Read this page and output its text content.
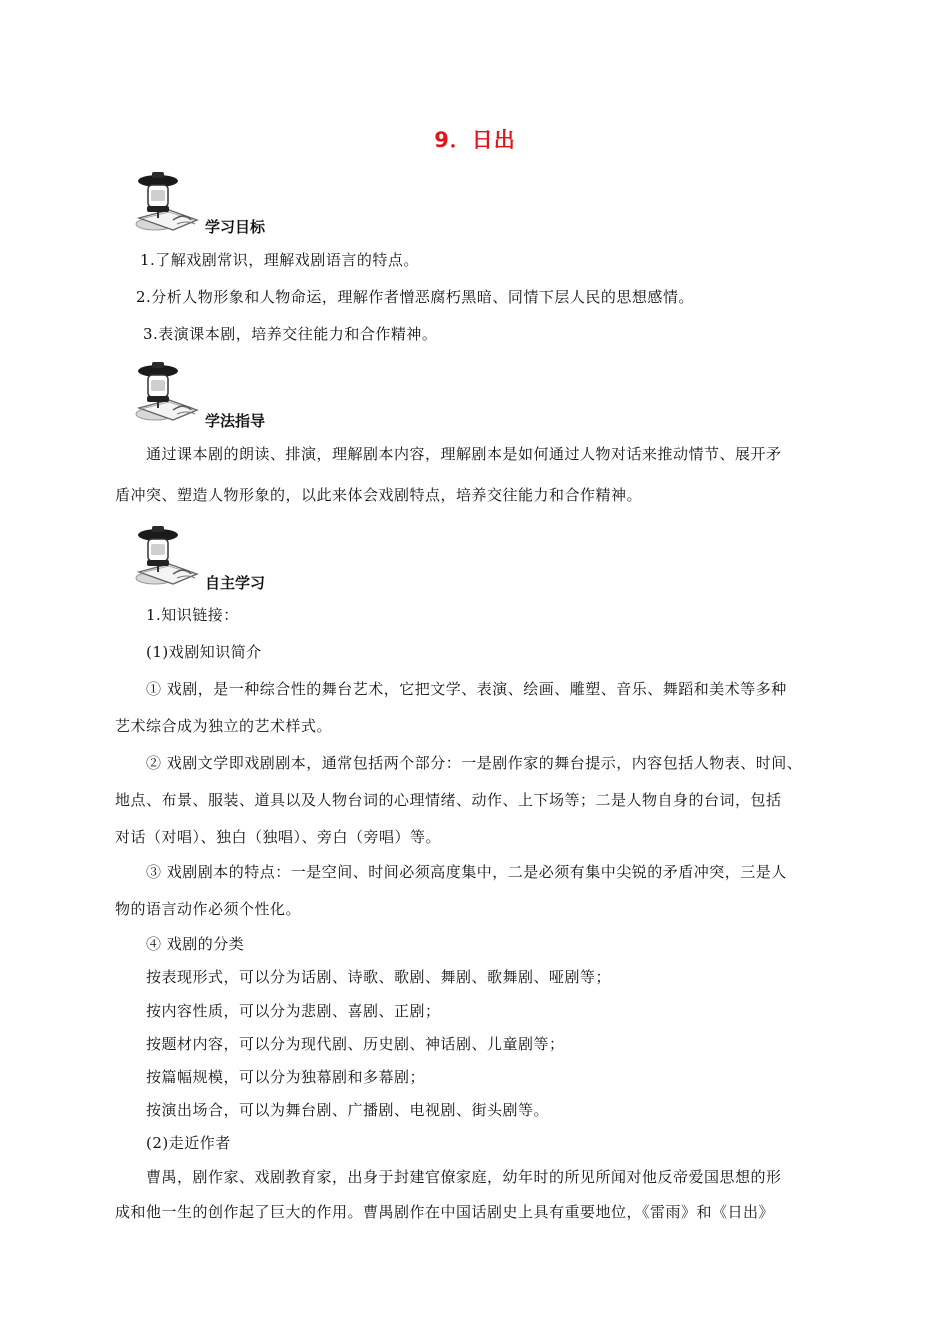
9．日出
学习目标
1.了解戏剧常识，理解戏剧语言的特点。
2.分析人物形象和人物命运，理解作者憎恶腐朽黑暗、同情下层人民的思想感情。
3.表演课本剧，培养交往能力和合作精神。
学法指导
通过课本剧的朗读、排演，理解剧本内容，理解剧本是如何通过人物对话来推动情节、展开矛
盾冲突、塑造人物形象的，以此来体会戏剧特点，培养交往能力和合作精神。
自主学习
1.知识链接：
(1)戏剧知识简介
① 戏剧，是一种综合性的舞台艺术，它把文学、表演、绘画、雕塑、音乐、舞蹈和美术等多种
艺术综合成为独立的艺术样式。
② 戏剧文学即戏剧剧本，通常包括两个部分：一是剧作家的舞台提示，内容包括人物表、时间、
地点、布景、服装、道具以及人物台词的心理情绪、动作、上下场等；二是人物自身的台词，包括
对话（对唱）、独白（独唱）、旁白（旁唱）等。
③ 戏剧剧本的特点：一是空间、时间必须高度集中，二是必须有集中尖锐的矛盾冲突，三是人
物的语言动作必须个性化。
④ 戏剧的分类
按表现形式，可以分为话剧、诗歌、歌剧、舞剧、歌舞剧、哑剧等；
按内容性质，可以分为悲剧、喜剧、正剧；
按题材内容，可以分为现代剧、历史剧、神话剧、儿童剧等；
按篇幅规模，可以分为独幕剧和多幕剧；
按演出场合，可以为舞台剧、广播剧、电视剧、街头剧等。
(2)走近作者
曹禺，剧作家、戏剧教育家，出身于封建官僚家庭，幼年时的所见所闻对他反帝爱国思想的形
成和他一生的创作起了巨大的作用。曹禺剧作在中国话剧史上具有重要地位，《雷雨》和《日出》
